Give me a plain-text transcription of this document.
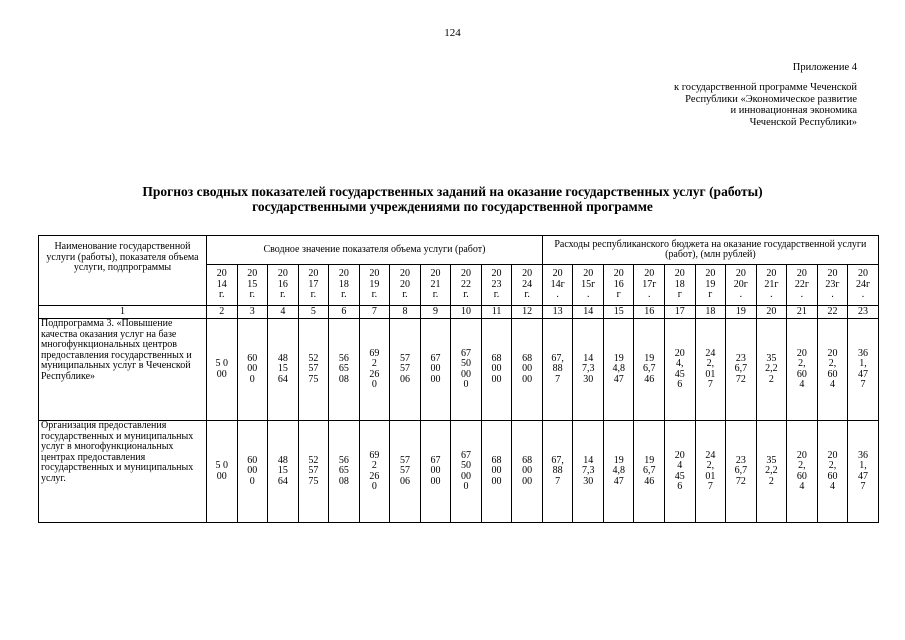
124
Приложение 4
к государственной программе Чеченской
Республики «Экономическое развитие
и инновационная экономика
Чеченской Республики»
Прогноз сводных показателей государственных заданий на оказание государственных услуг (работы)
государственными учреждениями по государственной программе
Наименование государственной услуги (работы), показателя объема услуги, подпрограммы	Сводное значение показателя объема услуги (работ)											Расходы республиканского бюджета на оказание государственной услуги (работ), (млн рублей)										
	20
14
г.	20
15
г.	20
16
г.	20
17
г.	20
18
г.	20
19
г.	20
20
г.	20
21
г.	20
22
г.	20
23
г.	20
24
г.	20
14г
.	20
15г
.	20
16
г	20
17г
.	20
18
г	20
19
г	20
20г
.	20
21г
.	20
22г
.	20
23г
.	20
24г
.
1	2	3	4	5	6	7	8	9	10	11	12	13	14	15	16	17	18	19	20	21	22	23
Подпрограмма 3. «Повышение качества оказания услуг на базе многофункциональных центров предоставления государственных и муниципальных услуг в Чеченской Республике»	5 0
00	60
00
0	48
15
64	52
57
75	56
65
08	69
2
26
0	57
57
06	67
00
00	67
50
00
0	68
00
00	68
00
00	67,
88
7	14
7,3
30	19
4,8
47	19
6,7
46	20
4,
45
6	24
2,
01
7	23
6,7
72	35
2,2
2	20
2,
60
4	20
2,
60
4	36
1,
47
7
Организация предоставления государственных и муниципальных услуг в многофункциональных центрах предоставления государственных и муниципальных услуг.	5 0
00	60
00
0	48
15
64	52
57
75	56
65
08	69
2
26
0	57
57
06	67
00
00	67
50
00
0	68
00
00	68
00
00	67,
88
7	14
7,3
30	19
4,8
47	19
6,7
46	20
4
45
6	24
2,
01
7	23
6,7
72	35
2,2
2	20
2,
60
4	20
2,
60
4	36
1,
47
7
